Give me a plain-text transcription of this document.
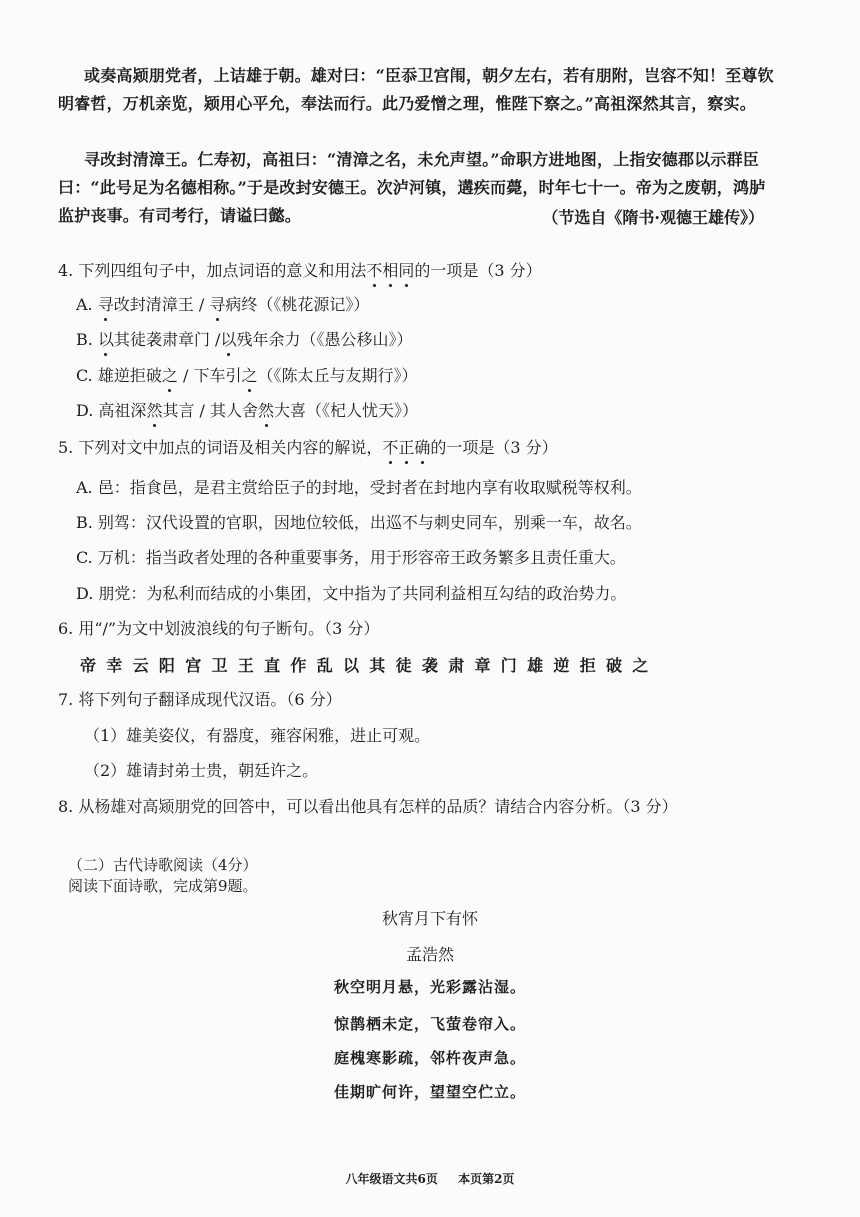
或奏高颎朋党者，上诘雄于朝。雄对曰：“臣忝卫宫闱，朝夕左右，若有朋附，岂容不知！至尊钦明睿哲，万机亲览，颎用心平允，奉法而行。此乃爱憎之理，惟陛下察之。”高祖深然其言，察实。
寻改封清漳王。仁寿初，高祖曰：“清漳之名，未允声望。”命职方进地图，上指安德郡以示群臣曰：“此号足为名德相称。”于是改封安德王。次泸河镇，遘疾而薨，时年七十一。帝为之废朝，鸿胪监护丧事。有司考行，请谥曰懿。	（节选自《隋书·观德王雄传》）
4. 下列四组句子中，加点词语的意义和用法不相同的一项是（3 分）
A. 寻改封清漳王 / 寻病终（《桃花源记》）
B. 以其徒袭肃章门 /以残年余力（《愚公移山》）
C. 雄逆拒破之 / 下车引之（《陈太丘与友期行》）
D. 高祖深然其言 / 其人舍然大喜（《杞人忧天》）
5. 下列对文中加点的词语及相关内容的解说，不正确的一项是（3 分）
A. 邑：指食邑，是君主赏给臣子的封地，受封者在封地内享有收取赋税等权利。
B. 别驾：汉代设置的官职，因地位较低，出巡不与刺史同车，别乘一车，故名。
C. 万机：指当政者处理的各种重要事务，用于形容帝王政务繁多且责任重大。
D. 朋党：为私利而结成的小集团，文中指为了共同利益相互勾结的政治势力。
6. 用“/”为文中划波浪线的句子断句。（3 分）
帝幸云阳宫卫王直作乱以其徒袭肃章门雄逆拒破之
7. 将下列句子翻译成现代汉语。（6 分）
（1）雄美姿仪，有器度，雍容闲雅，进止可观。
（2）雄请封弟士贵，朝廷许之。
8. 从杨雄对高颎朋党的回答中，可以看出他具有怎样的品质？请结合内容分析。（3 分）
（二）古代诗歌阅读（4分）
阅读下面诗歌，完成第9题。
秋宵月下有怀
孟浩然
秋空明月悬，光彩露沾湿。
惊鹊栖未定，飞萤卷帘入。
庭槐寒影疏，邻杵夜声急。
佳期旷何许，望望空伫立。
八年级语文共6页 本页第2页
